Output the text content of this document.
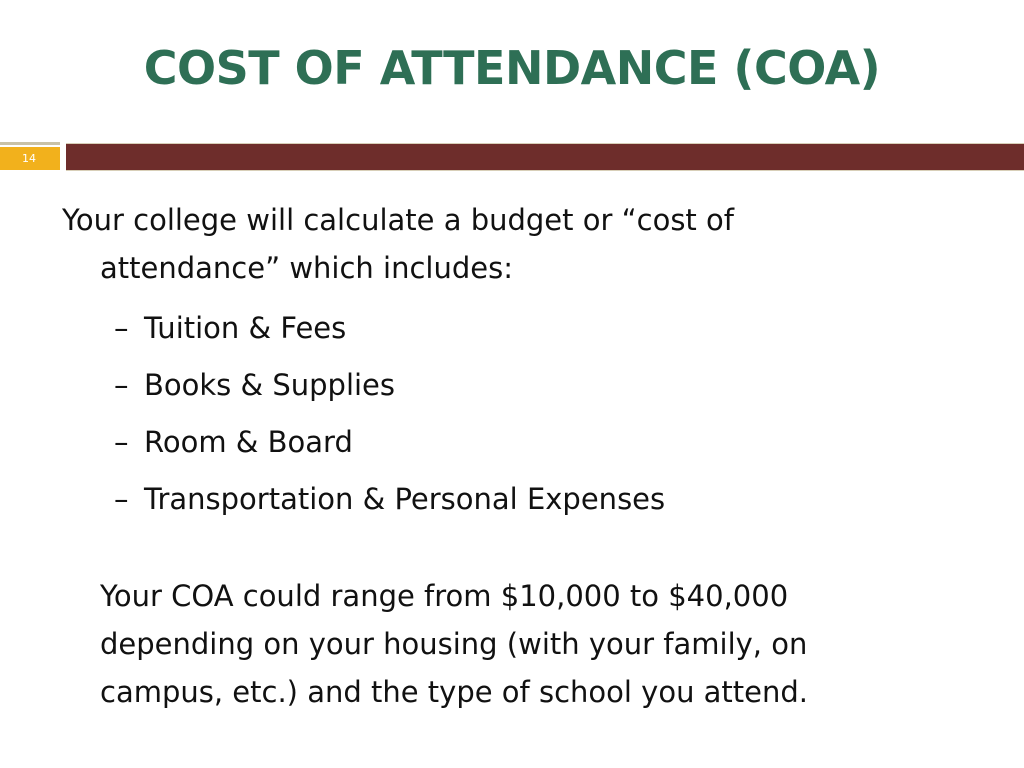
COST OF ATTENDANCE (COA)
14

Your college will calculate a budget or “cost of attendance” which includes:

– Tuition & Fees
– Books & Supplies
– Room & Board
– Transportation & Personal Expenses

Your COA could range from $10,000 to $40,000 depending on your housing (with your family, on campus, etc.) and the type of school you attend.
